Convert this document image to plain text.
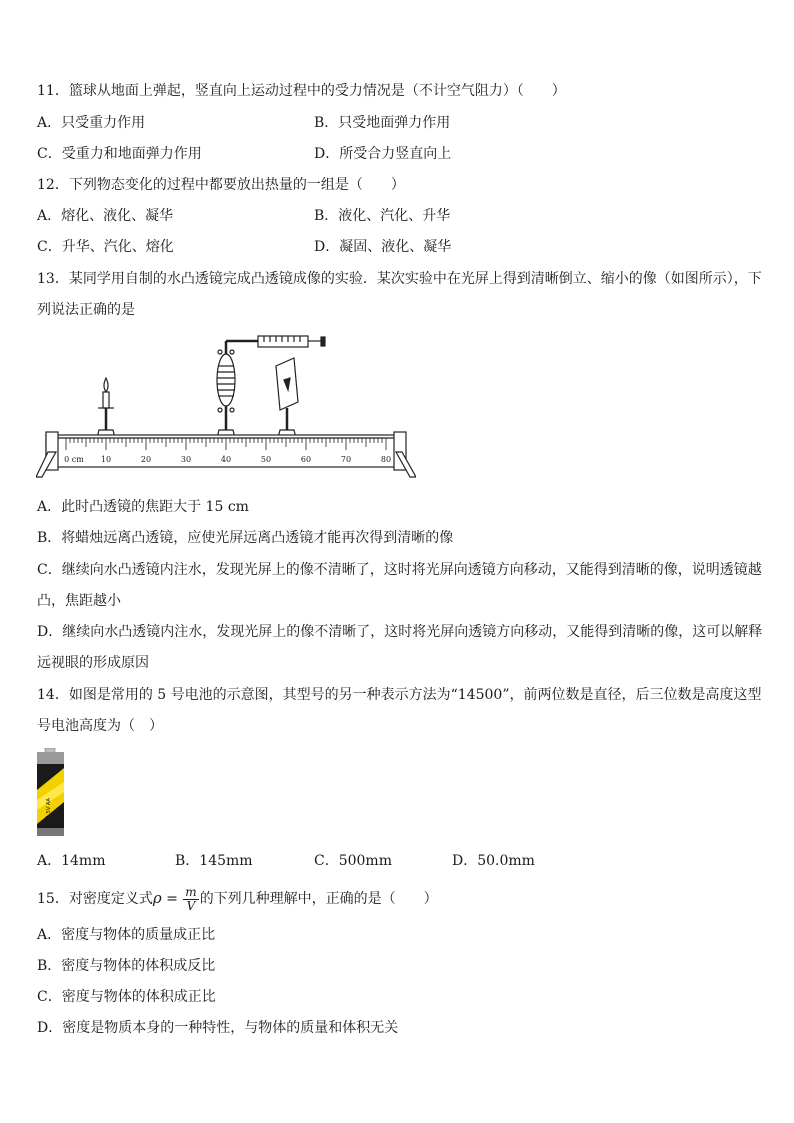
11．篮球从地面上弹起，竖直向上运动过程中的受力情况是（不计空气阻力）（　　）
A．只受重力作用	B．只受地面弹力作用
C．受重力和地面弹力作用	D．所受合力竖直向上
12．下列物态变化的过程中都要放出热量的一组是（　　）
A．熔化、液化、凝华	B．液化、汽化、升华
C．升华、汽化、熔化	D．凝固、液化、凝华
13．某同学用自制的水凸透镜完成凸透镜成像的实验．某次实验中在光屏上得到清晰倒立、缩小的像（如图所示），下
列说法正确的是
0 cm 10	20	30	40	50	60	70	80
A．此时凸透镜的焦距大于 15 cm
B．将蜡烛远离凸透镜，应使光屏远离凸透镜才能再次得到清晰的像
C．继续向水凸透镜内注水，发现光屏上的像不清晰了，这时将光屏向透镜方向移动，又能得到清晰的像，说明透镜越
凸，焦距越小
D．继续向水凸透镜内注水，发现光屏上的像不清晰了，这时将光屏向透镜方向移动，又能得到清晰的像，这可以解释
远视眼的形成原因
14．如图是常用的 5 号电池的示意图，其型号的另一种表示方法为“14500”，前两位数是直径，后三位数是高度这型
号电池高度为（　）
1.5V AA
A．14mm	B．145mm	C．500mm	D．50.0mm
15．对密度定义式$\rho = \frac{m}{V}$ 的下列几种理解中，正确的是（　　）
A．密度与物体的质量成正比
B．密度与物体的体积成反比
C．密度与物体的体积成正比
D．密度是物质本身的一种特性，与物体的质量和体积无关
